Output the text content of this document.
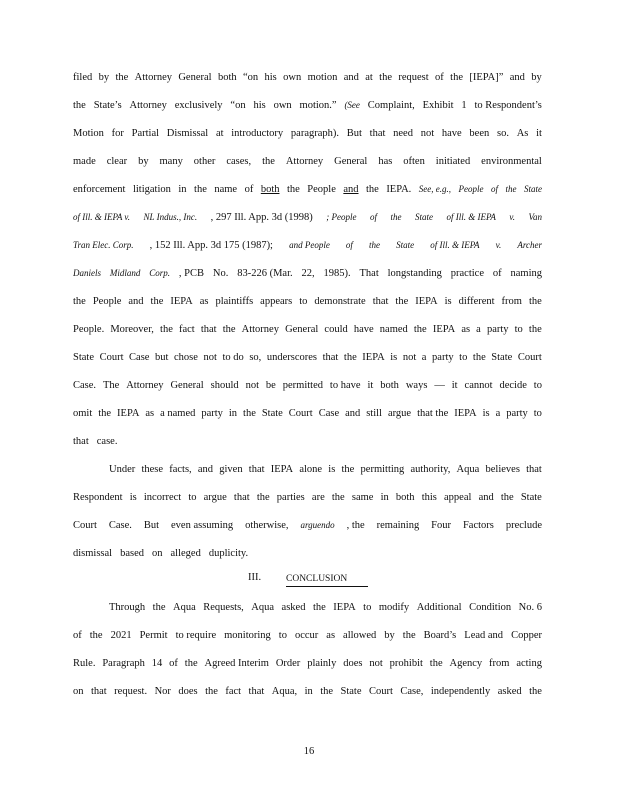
filed by the Attorney General both “on his own motion and at the request of the [IEPA]” and by
the State’s Attorney exclusively “on his own motion.” (See Complaint, Exhibit 1 to Respondent’s
Motion for Partial Dismissal at introductory paragraph). But that need not have been so. As it
made clear by many other cases, the Attorney General has often initiated environmental
enforcement litigation in the name of both the People and the IEPA. See, e.g., People of the State
of Ill. & IEPA v. NL Indus., Inc. , 297 Ill. App. 3d (1998) ; People of the State of Ill. & IEPA v. Van
Tran Elec. Corp. , 152 Ill. App. 3d 175 (1987); and People of the State of Ill. & IEPA v. Archer
Daniels Midland Corp. , PCB No. 83-226 (Mar. 22, 1985). That longstanding practice of naming
the People and the IEPA as plaintiffs appears to demonstrate that the IEPA is different from the
People. Moreover, the fact that the Attorney General could have named the IEPA as a party to the
State Court Case but chose not to do so, underscores that the IEPA is not a party to the State Court
Case. The Attorney General should not be permitted to have it both ways — it cannot decide to
omit the IEPA as a named party in the State Court Case and still argue that the IEPA is a party to
that case.
Under these facts, and given that IEPA alone is the permitting authority, Aqua believes that
Respondent is incorrect to argue that the parties are the same in both this appeal and the State
Court Case. But even assuming otherwise, arguendo , the remaining Four Factors preclude
dismissal based on alleged duplicity.
Through the Aqua Requests, Aqua asked the IEPA to modify Additional Condition No. 6
of the 2021 Permit to require monitoring to occur as allowed by the Board’s Lead and Copper
Rule. Paragraph 14 of the Agreed Interim Order plainly does not prohibit the Agency from acting
on that request. Nor does the fact that Aqua, in the State Court Case, independently asked the
III.	CONCLUSION
16
